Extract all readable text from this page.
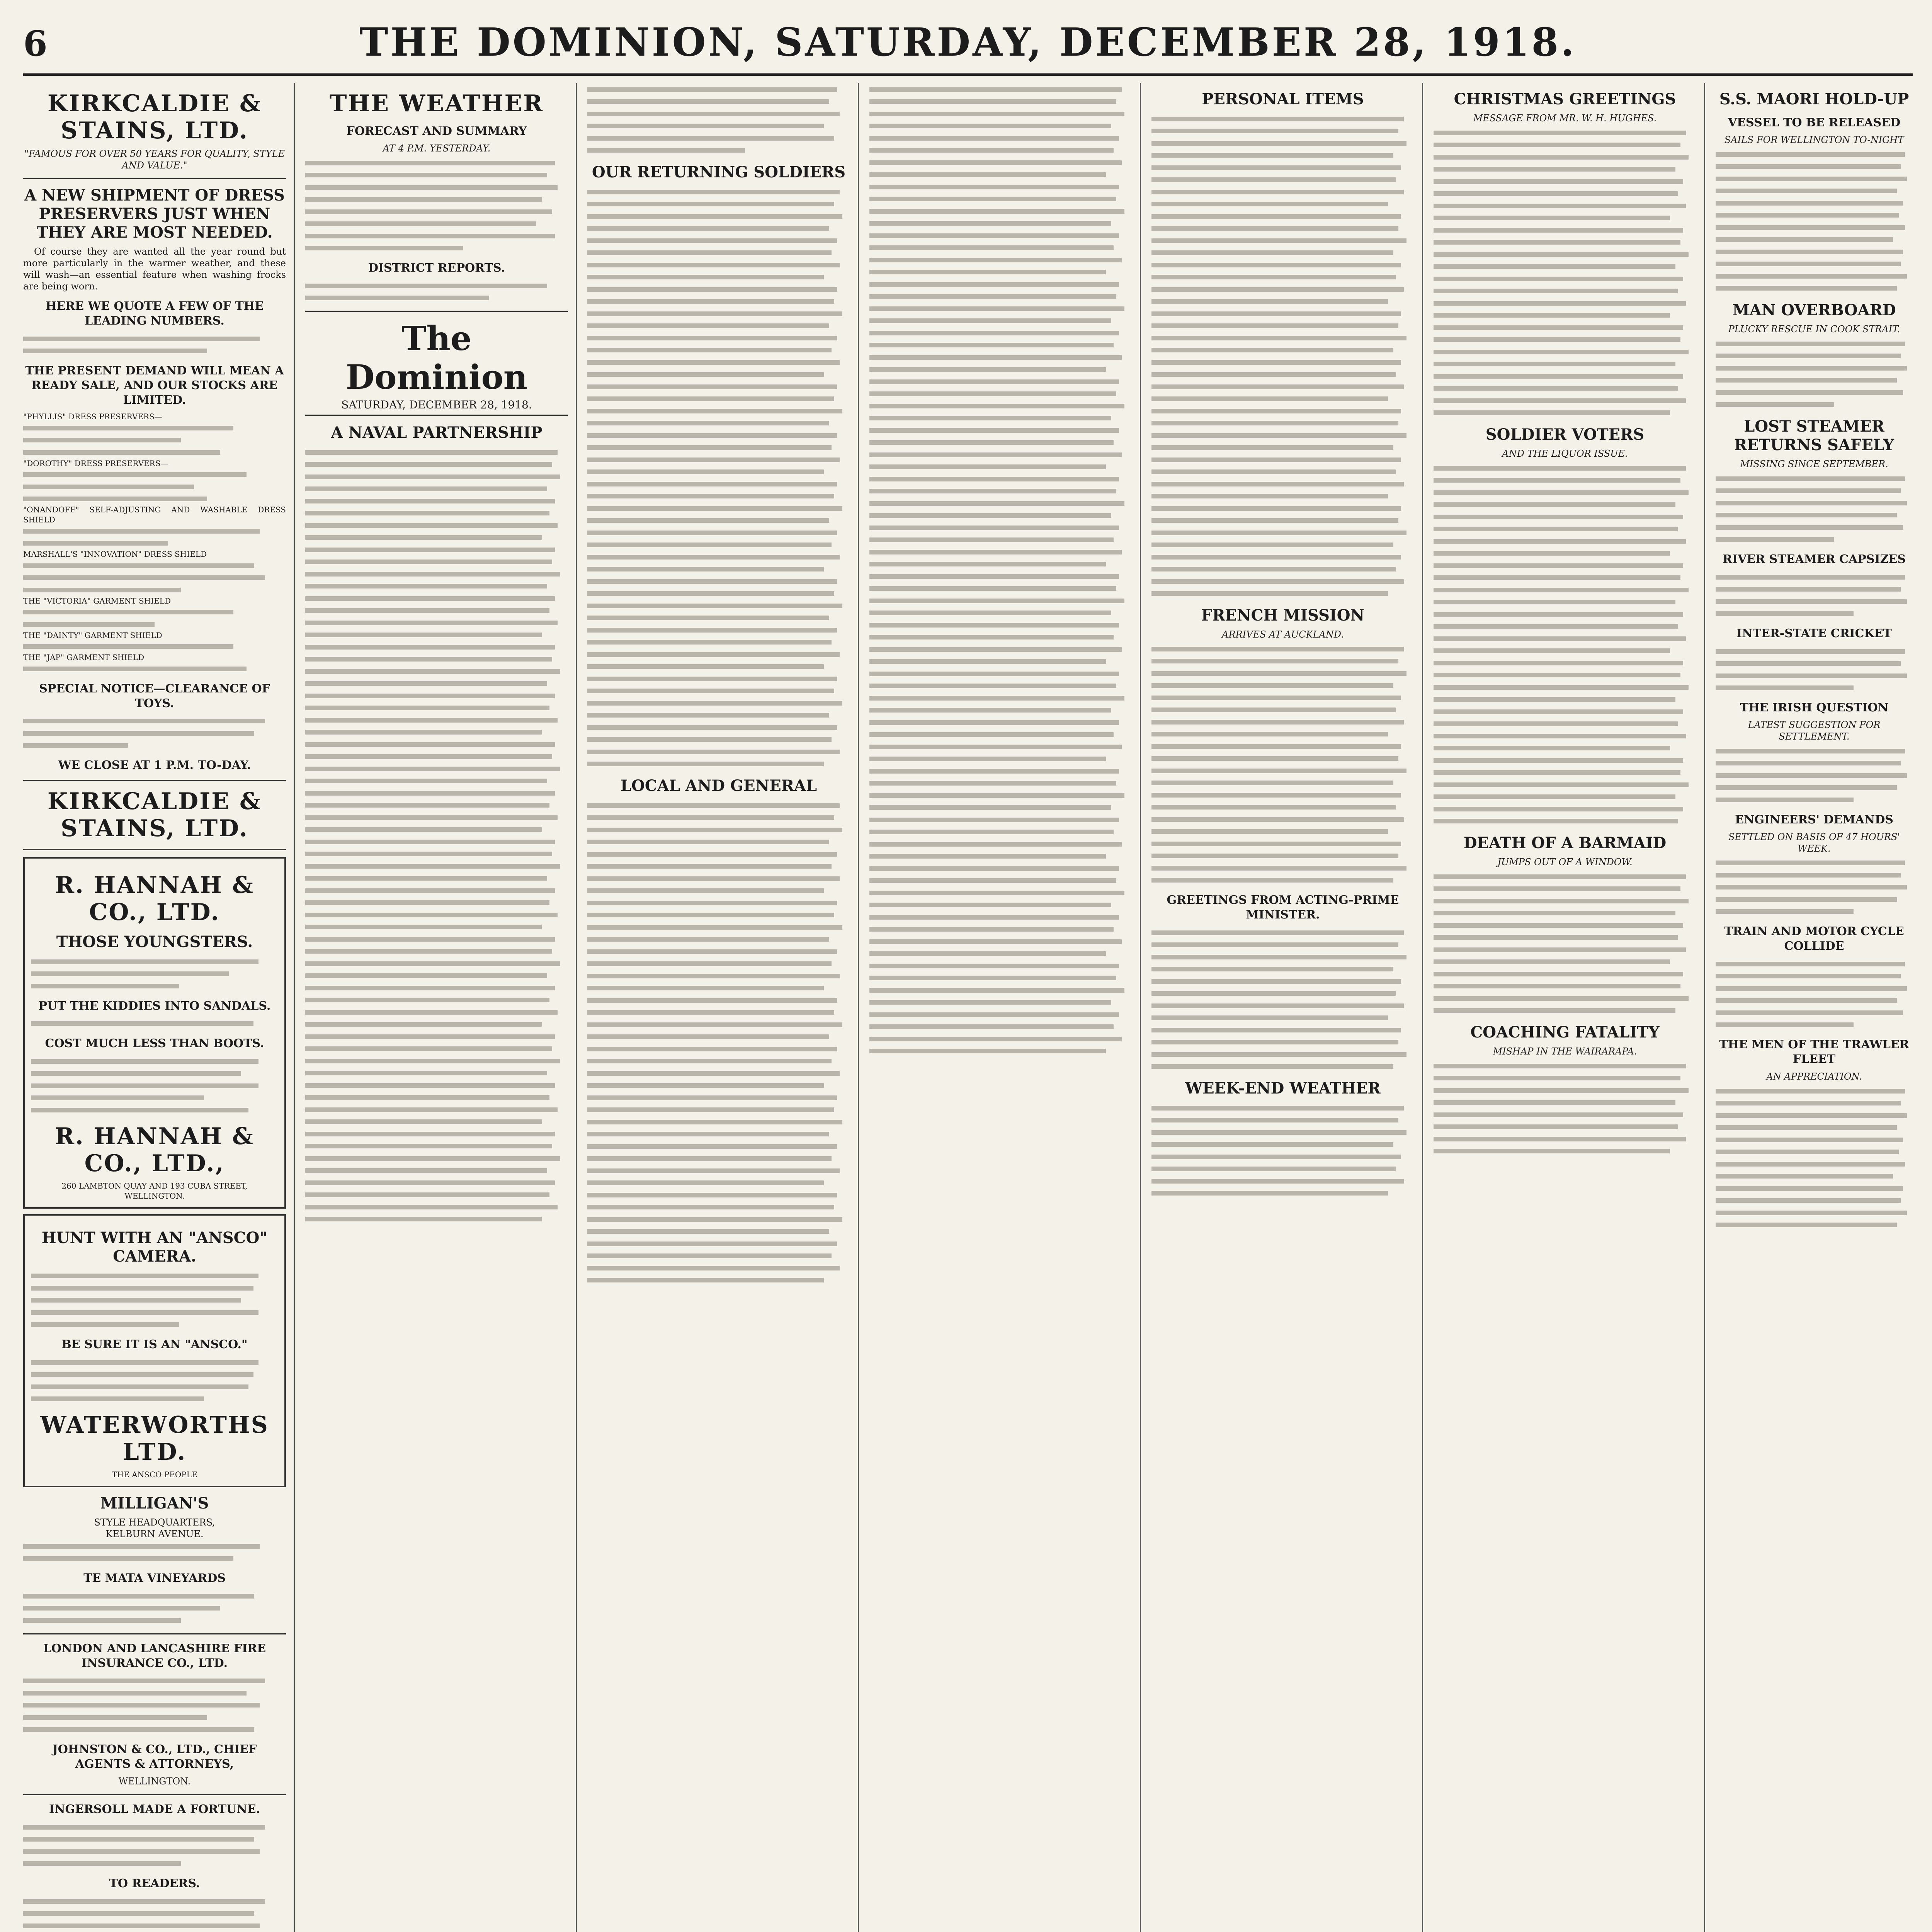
6	THE DOMINION, SATURDAY, DECEMBER 28, 1918.
KIRKCALDIE & STAINS, LTD.
"FAMOUS FOR OVER 50 YEARS FOR QUALITY, STYLE AND VALUE."
A NEW SHIPMENT OF DRESS PRESERVERS JUST WHEN THEY ARE MOST NEEDED.

Of course they are wanted all the year round but more particularly in the warmer weather, and these will wash—an essential feature when washing frocks are being worn.

HERE WE QUOTE A FEW OF THE LEADING NUMBERS.
THE PRESENT DEMAND WILL MEAN A READY SALE, AND OUR STOCKS ARE LIMITED.
"PHYLLIS" DRESS PRESERVERS—
"DOROTHY" DRESS PRESERVERS—
"ONANDOFF" SELF-ADJUSTING AND WASHABLE DRESS SHIELD
MARSHALL'S "INNOVATION" DRESS SHIELD
THE "VICTORIA" GARMENT SHIELD
THE "DAINTY" GARMENT SHIELD
THE "JAP" GARMENT SHIELD
SPECIAL NOTICE—CLEARANCE OF TOYS.
WE CLOSE AT 1 P.M. TO-DAY.
KIRKCALDIE & STAINS, LTD.
R. HANNAH & CO., LTD.
THOSE YOUNGSTERS.
PUT THE KIDDIES INTO SANDALS.
COST MUCH LESS THAN BOOTS.
R. HANNAH & CO., LTD.,
260 LAMBTON QUAY AND 193 CUBA STREET, WELLINGTON.
HUNT WITH AN "ANSCO" CAMERA.
BE SURE IT IS AN "ANSCO."
WATERWORTHS LTD.
THE ANSCO PEOPLE
MILLIGAN'S
STYLE HEADQUARTERS,
KELBURN AVENUE.
TE MATA VINEYARDS
LONDON AND LANCASHIRE FIRE INSURANCE CO., LTD.
JOHNSTON & CO., LTD., CHIEF AGENTS & ATTORNEYS,
WELLINGTON.
INGERSOLL MADE A FORTUNE.
TO READERS.
THE WEATHER
FORECAST AND SUMMARY
AT 4 P.M. YESTERDAY.
DISTRICT REPORTS.
The Dominion
SATURDAY, DECEMBER 28, 1918.
A NAVAL PARTNERSHIP
OUR RETURNING SOLDIERS
LOCAL AND GENERAL
PERSONAL ITEMS
FRENCH MISSION
ARRIVES AT AUCKLAND.
GREETINGS FROM ACTING-PRIME MINISTER.
WEEK-END WEATHER
CHRISTMAS GREETINGS
MESSAGE FROM MR. W. H. HUGHES.
SOLDIER VOTERS
AND THE LIQUOR ISSUE.
DEATH OF A BARMAID
JUMPS OUT OF A WINDOW.
COACHING FATALITY
MISHAP IN THE WAIRARAPA.
S.S. MAORI HOLD-UP
VESSEL TO BE RELEASED
SAILS FOR WELLINGTON TO-NIGHT
MAN OVERBOARD
PLUCKY RESCUE IN COOK STRAIT.
LOST STEAMER RETURNS SAFELY
MISSING SINCE SEPTEMBER.
RIVER STEAMER CAPSIZES
INTER-STATE CRICKET
THE IRISH QUESTION
LATEST SUGGESTION FOR SETTLEMENT.
ENGINEERS' DEMANDS
SETTLED ON BASIS OF 47 HOURS' WEEK.
TRAIN AND MOTOR CYCLE COLLIDE
THE MEN OF THE TRAWLER FLEET
AN APPRECIATION.
